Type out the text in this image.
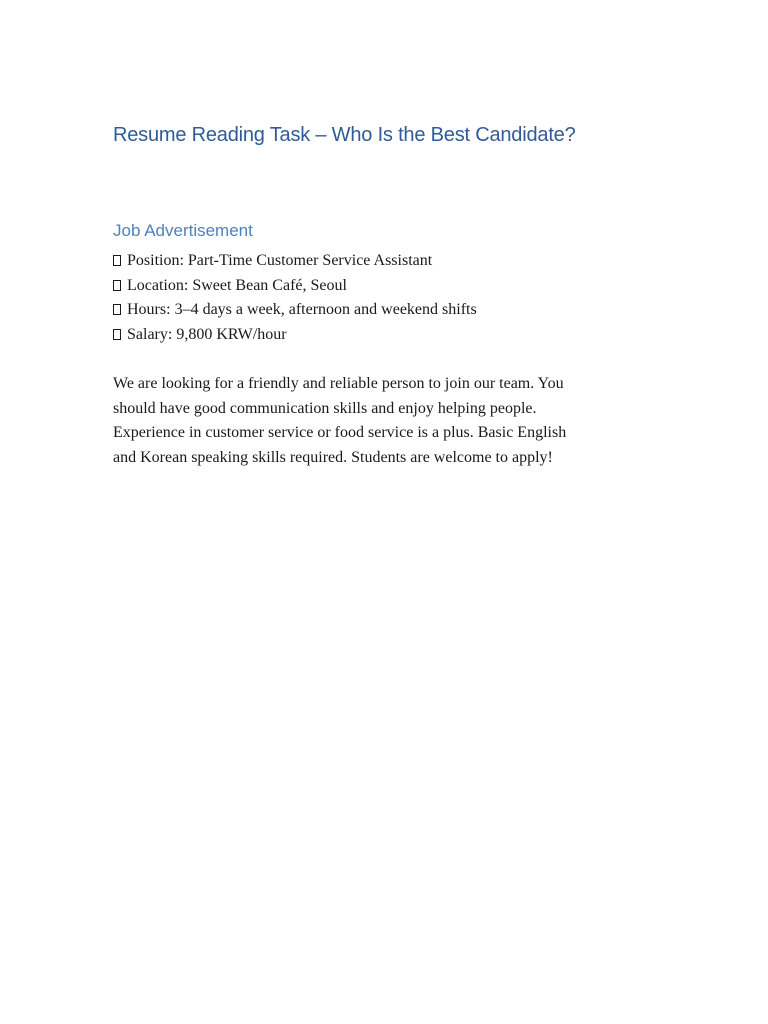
Resume Reading Task – Who Is the Best Candidate?
Job Advertisement
Position: Part-Time Customer Service Assistant
Location: Sweet Bean Café, Seoul
Hours: 3–4 days a week, afternoon and weekend shifts
Salary: 9,800 KRW/hour

We are looking for a friendly and reliable person to join our team. You
should have good communication skills and enjoy helping people.
Experience in customer service or food service is a plus. Basic English
and Korean speaking skills required. Students are welcome to apply!
